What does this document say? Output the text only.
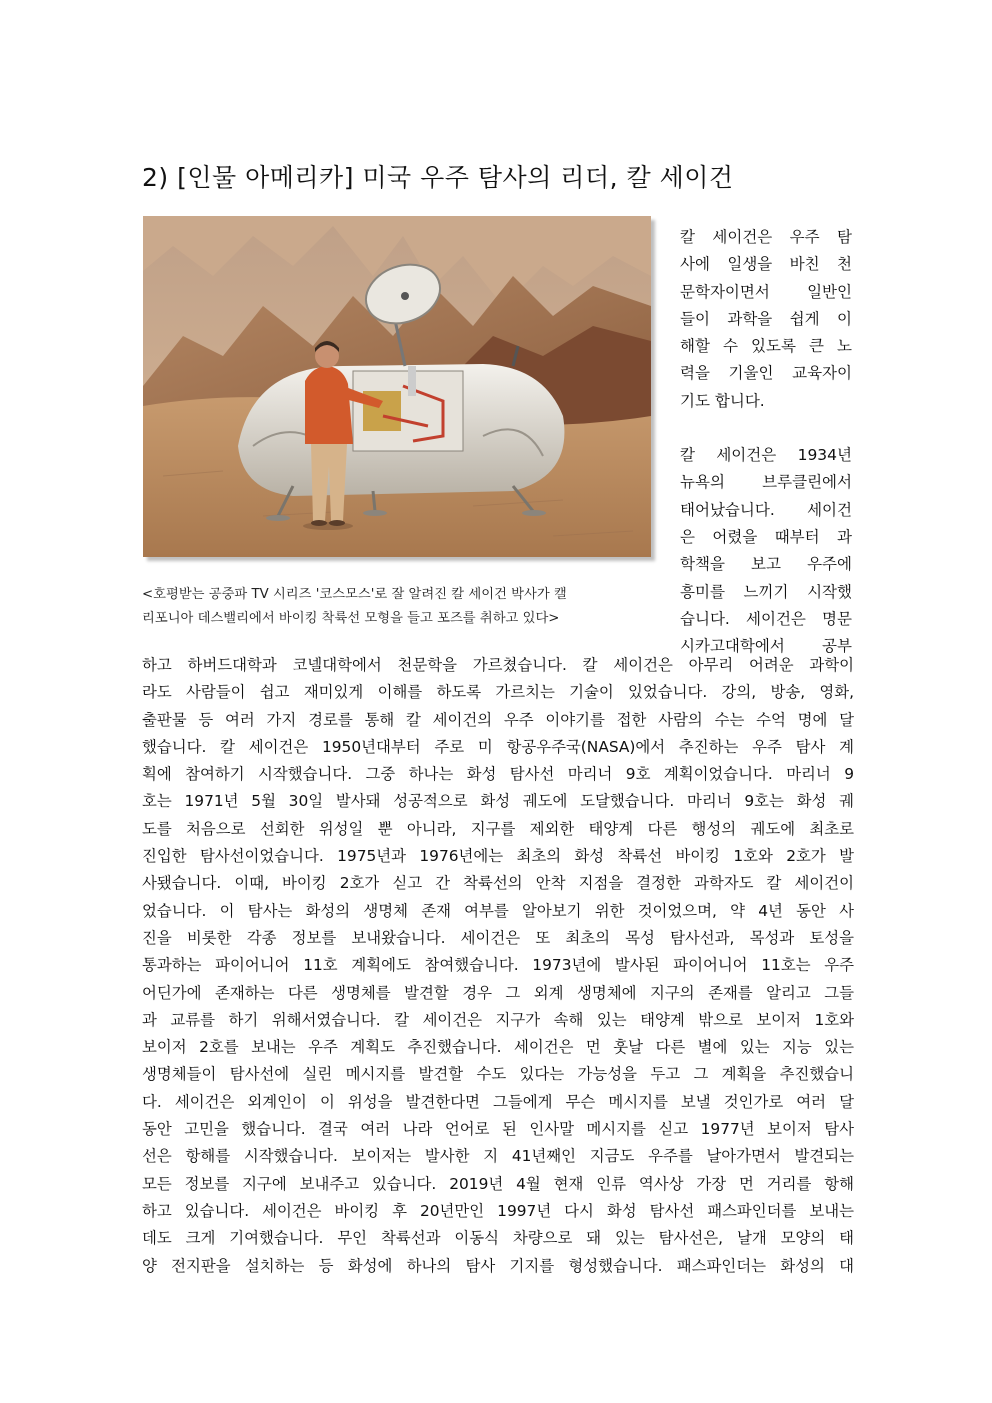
2) [인물 아메리카] 미국 우주 탐사의 리더, 칼 세이건

<호평받는 공중파 TV 시리즈 '코스모스'로 잘 알려진 칼 세이건 박사가 캘

리포니아 데스밸리에서 바이킹 착륙선 모형을 들고 포즈를 취하고 있다>

칼 세이건은 우주 탐

사에 일생을 바친 천

문학자이면서 일반인

들이 과학을 쉽게 이

해할 수 있도록 큰 노

력을 기울인 교육자이

기도 합니다.

칼 세이건은 1934년

뉴욕의 브루클린에서

태어났습니다. 세이건

은 어렸을 때부터 과

학책을 보고 우주에

흥미를 느끼기 시작했

습니다. 세이건은 명문

시카고대학에서 공부

하고 하버드대학과 코넬대학에서 천문학을 가르쳤습니다. 칼 세이건은 아무리 어려운 과학이

라도 사람들이 쉽고 재미있게 이해를 하도록 가르치는 기술이 있었습니다. 강의, 방송, 영화,

출판물 등 여러 가지 경로를 통해 칼 세이건의 우주 이야기를 접한 사람의 수는 수억 명에 달

했습니다. 칼 세이건은 1950년대부터 주로 미 항공우주국(NASA)에서 추진하는 우주 탐사 계

획에 참여하기 시작했습니다. 그중 하나는 화성 탐사선 마리너 9호 계획이었습니다. 마리너 9

호는 1971년 5월 30일 발사돼 성공적으로 화성 궤도에 도달했습니다. 마리너 9호는 화성 궤

도를 처음으로 선회한 위성일 뿐 아니라, 지구를 제외한 태양계 다른 행성의 궤도에 최초로

진입한 탐사선이었습니다. 1975년과 1976년에는 최초의 화성 착륙선 바이킹 1호와 2호가 발

사됐습니다. 이때, 바이킹 2호가 싣고 간 착륙선의 안착 지점을 결정한 과학자도 칼 세이건이

었습니다. 이 탐사는 화성의 생명체 존재 여부를 알아보기 위한 것이었으며, 약 4년 동안 사

진을 비롯한 각종 정보를 보내왔습니다. 세이건은 또 최초의 목성 탐사선과, 목성과 토성을

통과하는 파이어니어 11호 계획에도 참여했습니다. 1973년에 발사된 파이어니어 11호는 우주

어딘가에 존재하는 다른 생명체를 발견할 경우 그 외계 생명체에 지구의 존재를 알리고 그들

과 교류를 하기 위해서였습니다. 칼 세이건은 지구가 속해 있는 태양계 밖으로 보이저 1호와

보이저 2호를 보내는 우주 계획도 추진했습니다. 세이건은 먼 훗날 다른 별에 있는 지능 있는

생명체들이 탐사선에 실린 메시지를 발견할 수도 있다는 가능성을 두고 그 계획을 추진했습니

다. 세이건은 외계인이 이 위성을 발견한다면 그들에게 무슨 메시지를 보낼 것인가로 여러 달

동안 고민을 했습니다. 결국 여러 나라 언어로 된 인사말 메시지를 싣고 1977년 보이저 탐사

선은 항해를 시작했습니다. 보이저는 발사한 지 41년째인 지금도 우주를 날아가면서 발견되는

모든 정보를 지구에 보내주고 있습니다. 2019년 4월 현재 인류 역사상 가장 먼 거리를 항해

하고 있습니다. 세이건은 바이킹 후 20년만인 1997년 다시 화성 탐사선 패스파인더를 보내는

데도 크게 기여했습니다. 무인 착륙선과 이동식 차량으로 돼 있는 탐사선은, 날개 모양의 태

양 전지판을 설치하는 등 화성에 하나의 탐사 기지를 형성했습니다. 패스파인더는 화성의 대
